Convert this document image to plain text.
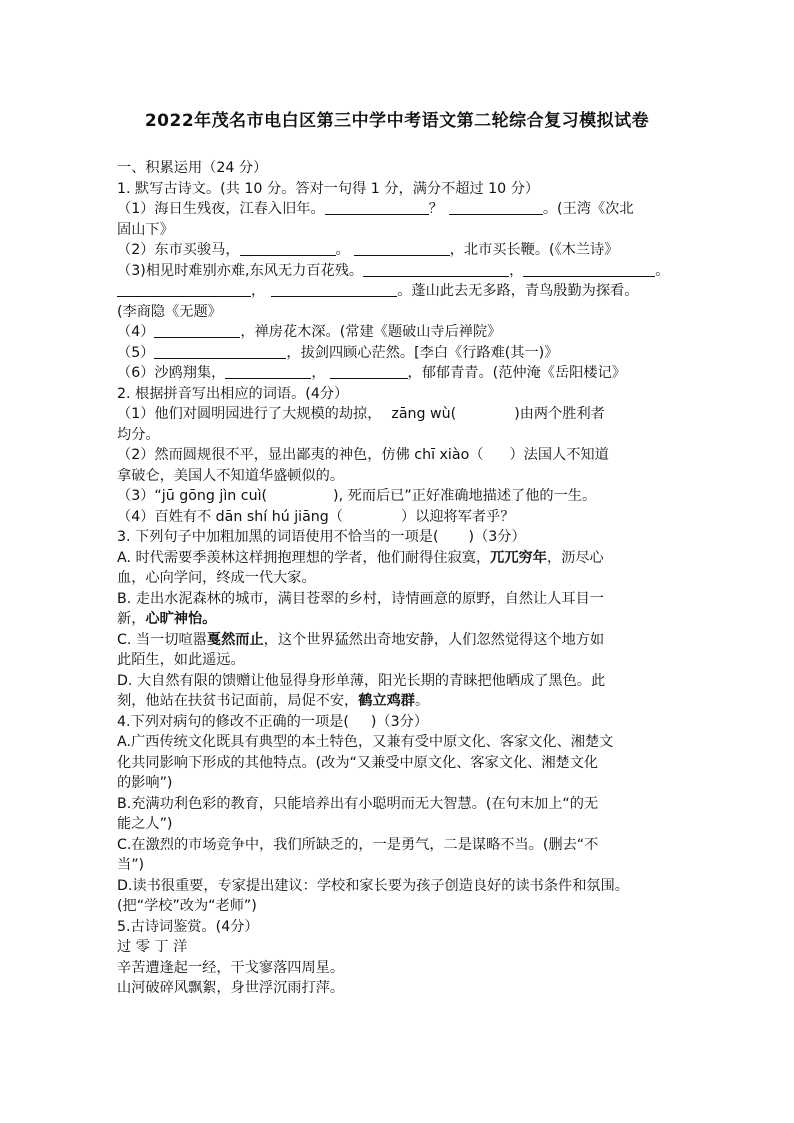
2022年茂名市电白区第三中学中考语文第二轮综合复习模拟试卷
一、积累运用（24 分）
1. 默写古诗文。(共 10 分。答对一句得 1 分，满分不超过 10 分）
（1）海日生残夜，江春入旧年。	？	。(王湾《次北
固山下》
（2）东市买骏马，	。	，北市买长鞭。(《木兰诗》
（3)相见时难别亦难,东风无力百花残。	，	。
，	。蓬山此去无多路，青鸟殷勤为探看。
(李商隐《无题》
（4）	，禅房花木深。(常建《题破山寺后禅院》
（5）	，拔剑四顾心茫然。[李白《行路难(其一)》
（6）沙鸥翔集，	，	，郁郁青青。(范仲淹《岳阳楼记》
2. 根据拼音写出相应的词语。(4分）
（1）他们对圆明园进行了大规模的劫掠， zāng wù(	)由两个胜利者
均分。
（2）然而圆规很不平，显出鄙夷的神色，仿佛 chī xiào（ ）法国人不知道
拿破仑，美国人不知道华盛顿似的。
（3）“jū gōng jìn cuì(	), 死而后已”正好准确地描述了他的一生。
（4）百姓有不 dān shí hú jiāng（	）以迎将军者乎？
3. 下列句子中加粗加黑的词语使用不恰当的一项是( )（3分）
A. 时代需要季羡林这样拥抱理想的学者，他们耐得住寂寞，兀兀穷年，沥尽心
血，心向学问，终成一代大家。
B. 走出水泥森林的城市，满目苍翠的乡村，诗情画意的原野，自然让人耳目一
新，心旷神怡。
C. 当一切喧嚣戛然而止，这个世界猛然出奇地安静，人们忽然觉得这个地方如
此陌生，如此遥远。
D. 大自然有限的馈赠让他显得身形单薄，阳光长期的青睐把他晒成了黑色。此
刻，他站在扶贫书记面前，局促不安，鹤立鸡群。
4.下列对病句的修改不正确的一项是( )（3分）
A.广西传统文化既具有典型的本土特色，又兼有受中原文化、客家文化、湘楚文
化共同影响下形成的其他特点。(改为“又兼受中原文化、客家文化、湘楚文化
的影响”)
B.充满功利色彩的教育，只能培养出有小聪明而无大智慧。(在句末加上“的无
能之人”)
C.在激烈的市场竞争中，我们所缺乏的，一是勇气，二是谋略不当。(删去“不
当”)
D.读书很重要，专家提出建议：学校和家长要为孩子创造良好的读书条件和氛围。
(把“学校”改为“老师”)
5.古诗词鉴赏。(4分）
过 零 丁 洋
辛苦遭逢起一经，干戈寥落四周星。
山河破碎风飘絮，身世浮沉雨打萍。
